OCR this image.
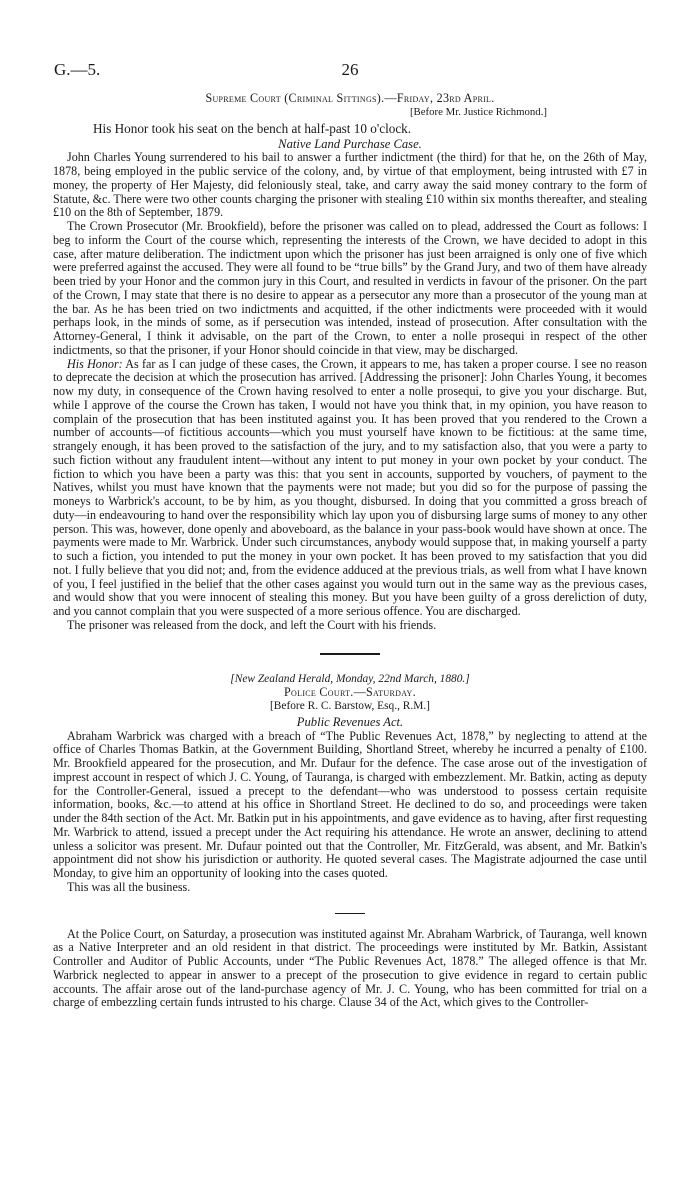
G.—5.	26
Supreme Court (Criminal Sittings).—Friday, 23rd April.
[Before Mr. Justice Richmond.]

His Honor took his seat on the bench at half-past 10 o'clock.

Native Land Purchase Case.

John Charles Young surrendered to his bail to answer a further indictment (the third) for that he, on the 26th of May, 1878, being employed in the public service of the colony, and, by virtue of that employment, being intrusted with £7 in money, the property of Her Majesty, did feloniously steal, take, and carry away the said money contrary to the form of Statute, &c. There were two other counts charging the prisoner with stealing £10 within six months thereafter, and stealing £10 on the 8th of September, 1879.

The Crown Prosecutor (Mr. Brookfield), before the prisoner was called on to plead, addressed the Court as follows: I beg to inform the Court of the course which, representing the interests of the Crown, we have decided to adopt in this case, after mature deliberation. The indictment upon which the prisoner has just been arraigned is only one of five which were preferred against the accused. They were all found to be “true bills” by the Grand Jury, and two of them have already been tried by your Honor and the common jury in this Court, and resulted in verdicts in favour of the prisoner. On the part of the Crown, I may state that there is no desire to appear as a persecutor any more than a prosecutor of the young man at the bar. As he has been tried on two indictments and acquitted, if the other indictments were proceeded with it would perhaps look, in the minds of some, as if persecution was intended, instead of prosecution. After consultation with the Attorney-General, I think it advisable, on the part of the Crown, to enter a nolle prosequi in respect of the other indictments, so that the prisoner, if your Honor should coincide in that view, may be discharged.

His Honor: As far as I can judge of these cases, the Crown, it appears to me, has taken a proper course. I see no reason to deprecate the decision at which the prosecution has arrived. [Addressing the prisoner]: John Charles Young, it becomes now my duty, in consequence of the Crown having resolved to enter a nolle prosequi, to give you your discharge. But, while I approve of the course the Crown has taken, I would not have you think that, in my opinion, you have reason to complain of the prosecution that has been instituted against you. It has been proved that you rendered to the Crown a number of accounts—of fictitious accounts—which you must yourself have known to be fictitious: at the same time, strangely enough, it has been proved to the satisfaction of the jury, and to my satisfaction also, that you were a party to such fiction without any fraudulent intent—without any intent to put money in your own pocket by your conduct. The fiction to which you have been a party was this: that you sent in accounts, supported by vouchers, of payment to the Natives, whilst you must have known that the payments were not made; but you did so for the purpose of passing the moneys to Warbrick's account, to be by him, as you thought, disbursed. In doing that you committed a gross breach of duty—in endeavouring to hand over the responsibility which lay upon you of disbursing large sums of money to any other person. This was, however, done openly and aboveboard, as the balance in your pass-book would have shown at once. The payments were made to Mr. Warbrick. Under such circumstances, anybody would suppose that, in making yourself a party to such a fiction, you intended to put the money in your own pocket. It has been proved to my satisfaction that you did not. I fully believe that you did not; and, from the evidence adduced at the previous trials, as well from what I have known of you, I feel justified in the belief that the other cases against you would turn out in the same way as the previous cases, and would show that you were innocent of stealing this money. But you have been guilty of a gross dereliction of duty, and you cannot complain that you were suspected of a more serious offence. You are discharged.

The prisoner was released from the dock, and left the Court with his friends.

[New Zealand Herald, Monday, 22nd March, 1880.]
Police Court.—Saturday.
[Before R. C. Barstow, Esq., R.M.]
Public Revenues Act.

Abraham Warbrick was charged with a breach of “The Public Revenues Act, 1878,” by neglecting to attend at the office of Charles Thomas Batkin, at the Government Building, Shortland Street, whereby he incurred a penalty of £100. Mr. Brookfield appeared for the prosecution, and Mr. Dufaur for the defence. The case arose out of the investigation of imprest account in respect of which J. C. Young, of Tauranga, is charged with embezzlement. Mr. Batkin, acting as deputy for the Controller-General, issued a precept to the defendant—who was understood to possess certain requisite information, books, &c.—to attend at his office in Shortland Street. He declined to do so, and proceedings were taken under the 84th section of the Act. Mr. Batkin put in his appointments, and gave evidence as to having, after first requesting Mr. Warbrick to attend, issued a precept under the Act requiring his attendance. He wrote an answer, declining to attend unless a solicitor was present. Mr. Dufaur pointed out that the Controller, Mr. FitzGerald, was absent, and Mr. Batkin's appointment did not show his jurisdiction or authority. He quoted several cases. The Magistrate adjourned the case until Monday, to give him an opportunity of looking into the cases quoted.

This was all the business.

At the Police Court, on Saturday, a prosecution was instituted against Mr. Abraham Warbrick, of Tauranga, well known as a Native Interpreter and an old resident in that district. The proceedings were instituted by Mr. Batkin, Assistant Controller and Auditor of Public Accounts, under “The Public Revenues Act, 1878.” The alleged offence is that Mr. Warbrick neglected to appear in answer to a precept of the prosecution to give evidence in regard to certain public accounts. The affair arose out of the land-purchase agency of Mr. J. C. Young, who has been committed for trial on a charge of embezzling certain funds intrusted to his charge. Clause 34 of the Act, which gives to the Controller-
